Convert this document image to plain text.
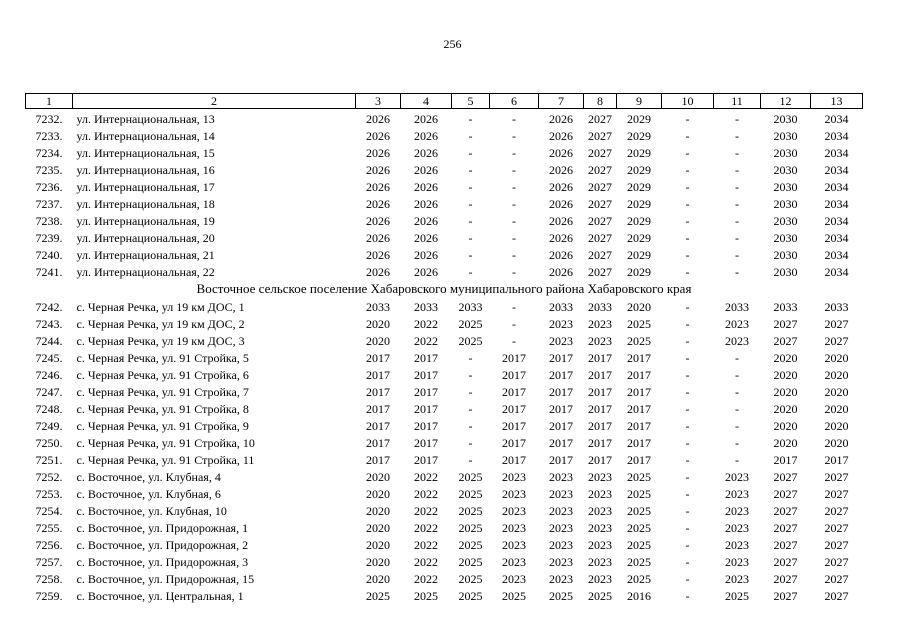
256
1	2	3	4	5	6	7	8	9	10	11	12	13
7232.	ул. Интернациональная, 13	2026	2026	-	-	2026	2027	2029	-	-	2030	2034
7233.	ул. Интернациональная, 14	2026	2026	-	-	2026	2027	2029	-	-	2030	2034
7234.	ул. Интернациональная, 15	2026	2026	-	-	2026	2027	2029	-	-	2030	2034
7235.	ул. Интернациональная, 16	2026	2026	-	-	2026	2027	2029	-	-	2030	2034
7236.	ул. Интернациональная, 17	2026	2026	-	-	2026	2027	2029	-	-	2030	2034
7237.	ул. Интернациональная, 18	2026	2026	-	-	2026	2027	2029	-	-	2030	2034
7238.	ул. Интернациональная, 19	2026	2026	-	-	2026	2027	2029	-	-	2030	2034
7239.	ул. Интернациональная, 20	2026	2026	-	-	2026	2027	2029	-	-	2030	2034
7240.	ул. Интернациональная, 21	2026	2026	-	-	2026	2027	2029	-	-	2030	2034
7241.	ул. Интернациональная, 22	2026	2026	-	-	2026	2027	2029	-	-	2030	2034
Восточное сельское поселение Хабаровского муниципального района Хабаровского края												
7242.	с. Черная Речка, ул 19 км ДОС, 1	2033	2033	2033	-	2033	2033	2020	-	2033	2033	2033
7243.	с. Черная Речка, ул 19 км ДОС, 2	2020	2022	2025	-	2023	2023	2025	-	2023	2027	2027
7244.	с. Черная Речка, ул 19 км ДОС, 3	2020	2022	2025	-	2023	2023	2025	-	2023	2027	2027
7245.	с. Черная Речка, ул. 91 Стройка, 5	2017	2017	-	2017	2017	2017	2017	-	-	2020	2020
7246.	с. Черная Речка, ул. 91 Стройка, 6	2017	2017	-	2017	2017	2017	2017	-	-	2020	2020
7247.	с. Черная Речка, ул. 91 Стройка, 7	2017	2017	-	2017	2017	2017	2017	-	-	2020	2020
7248.	с. Черная Речка, ул. 91 Стройка, 8	2017	2017	-	2017	2017	2017	2017	-	-	2020	2020
7249.	с. Черная Речка, ул. 91 Стройка, 9	2017	2017	-	2017	2017	2017	2017	-	-	2020	2020
7250.	с. Черная Речка, ул. 91 Стройка, 10	2017	2017	-	2017	2017	2017	2017	-	-	2020	2020
7251.	с. Черная Речка, ул. 91 Стройка, 11	2017	2017	-	2017	2017	2017	2017	-	-	2017	2017
7252.	с. Восточное, ул. Клубная, 4	2020	2022	2025	2023	2023	2023	2025	-	2023	2027	2027
7253.	с. Восточное, ул. Клубная, 6	2020	2022	2025	2023	2023	2023	2025	-	2023	2027	2027
7254.	с. Восточное, ул. Клубная, 10	2020	2022	2025	2023	2023	2023	2025	-	2023	2027	2027
7255.	с. Восточное, ул. Придорожная, 1	2020	2022	2025	2023	2023	2023	2025	-	2023	2027	2027
7256.	с. Восточное, ул. Придорожная, 2	2020	2022	2025	2023	2023	2023	2025	-	2023	2027	2027
7257.	с. Восточное, ул. Придорожная, 3	2020	2022	2025	2023	2023	2023	2025	-	2023	2027	2027
7258.	с. Восточное, ул. Придорожная, 15	2020	2022	2025	2023	2023	2023	2025	-	2023	2027	2027
7259.	с. Восточное, ул. Центральная, 1	2025	2025	2025	2025	2025	2025	2016	-	2025	2027	2027
